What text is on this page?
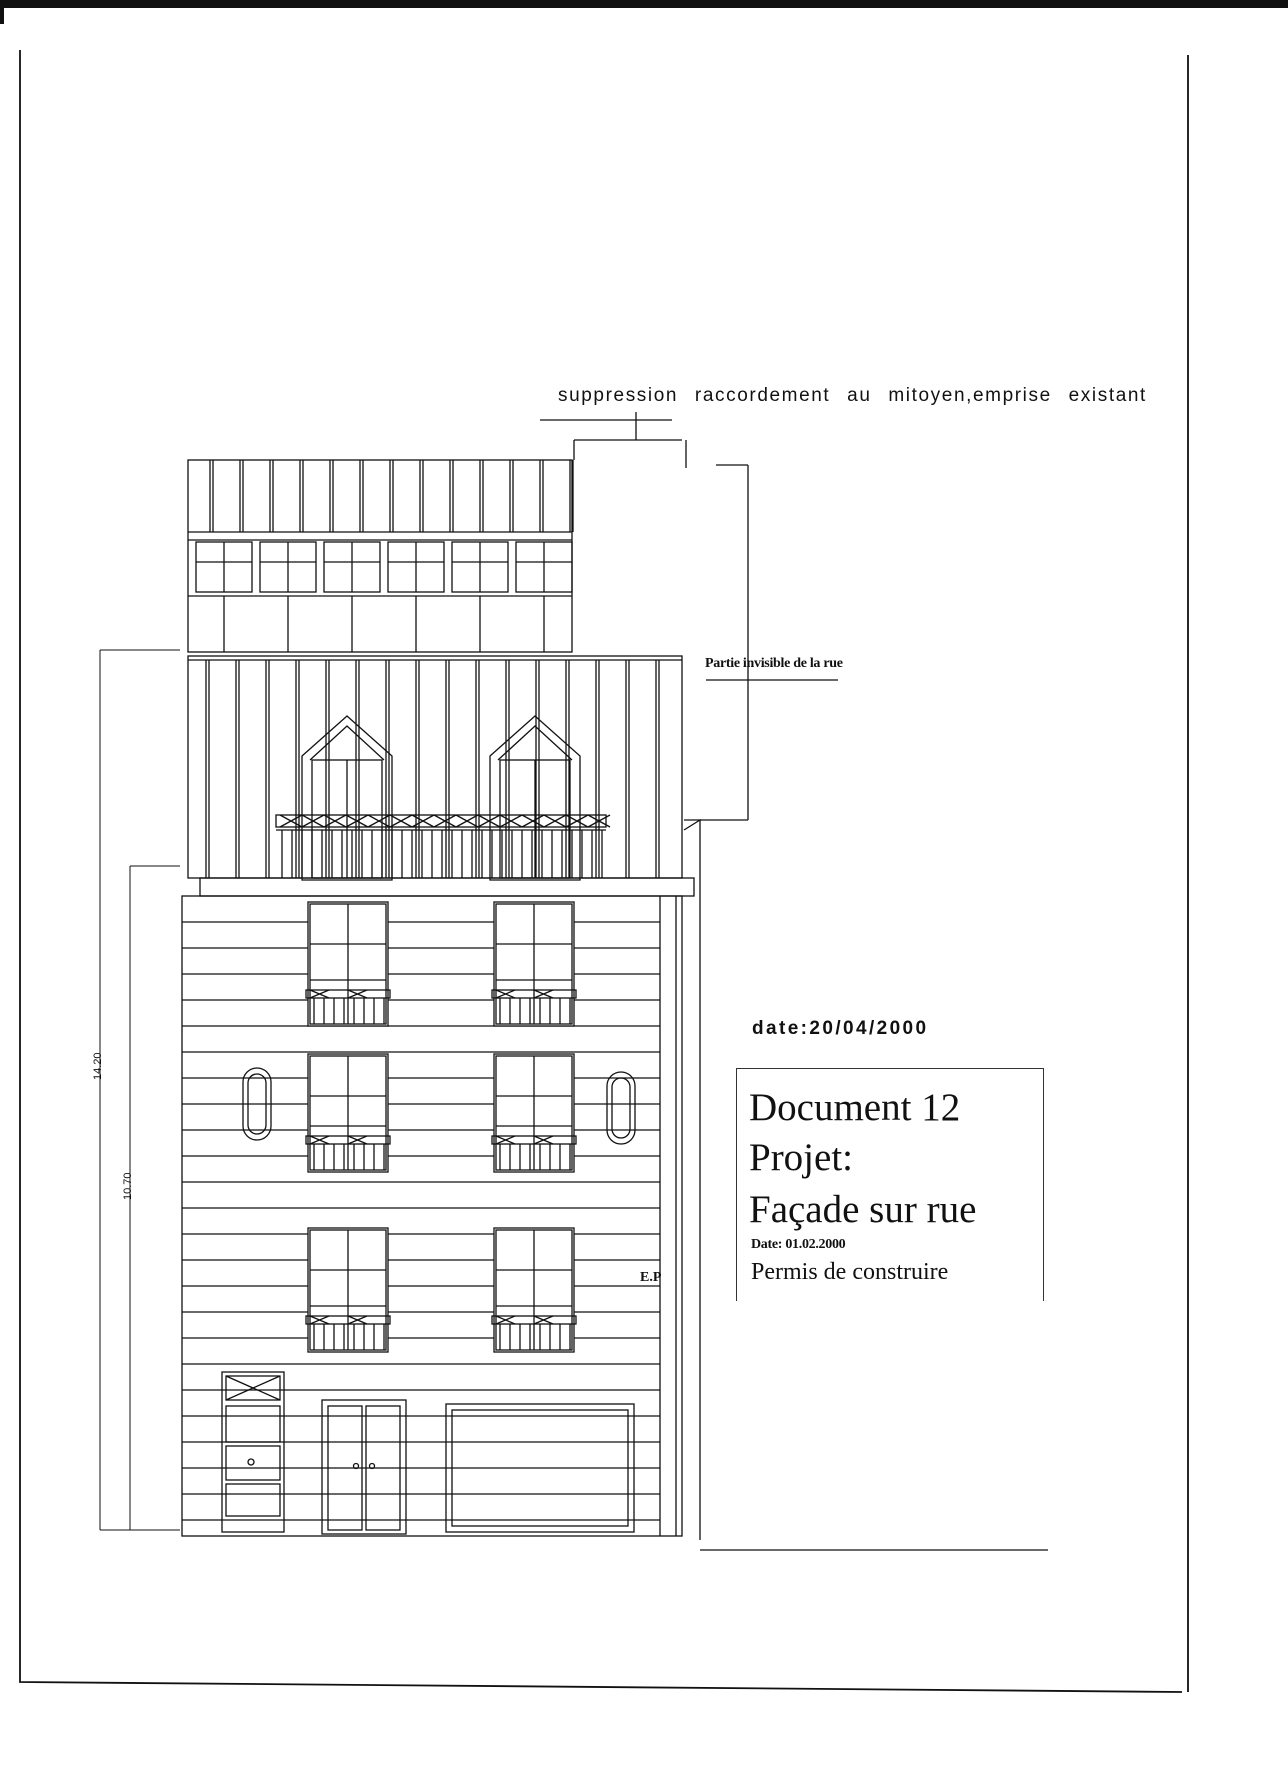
suppression raccordement au mitoyen,emprise existant
Partie invisible de la rue
14.20
10.70
E.P
date:20/04/2000
Document 12
Projet:
Façade sur rue
Date: 01.02.2000
Permis de construire
